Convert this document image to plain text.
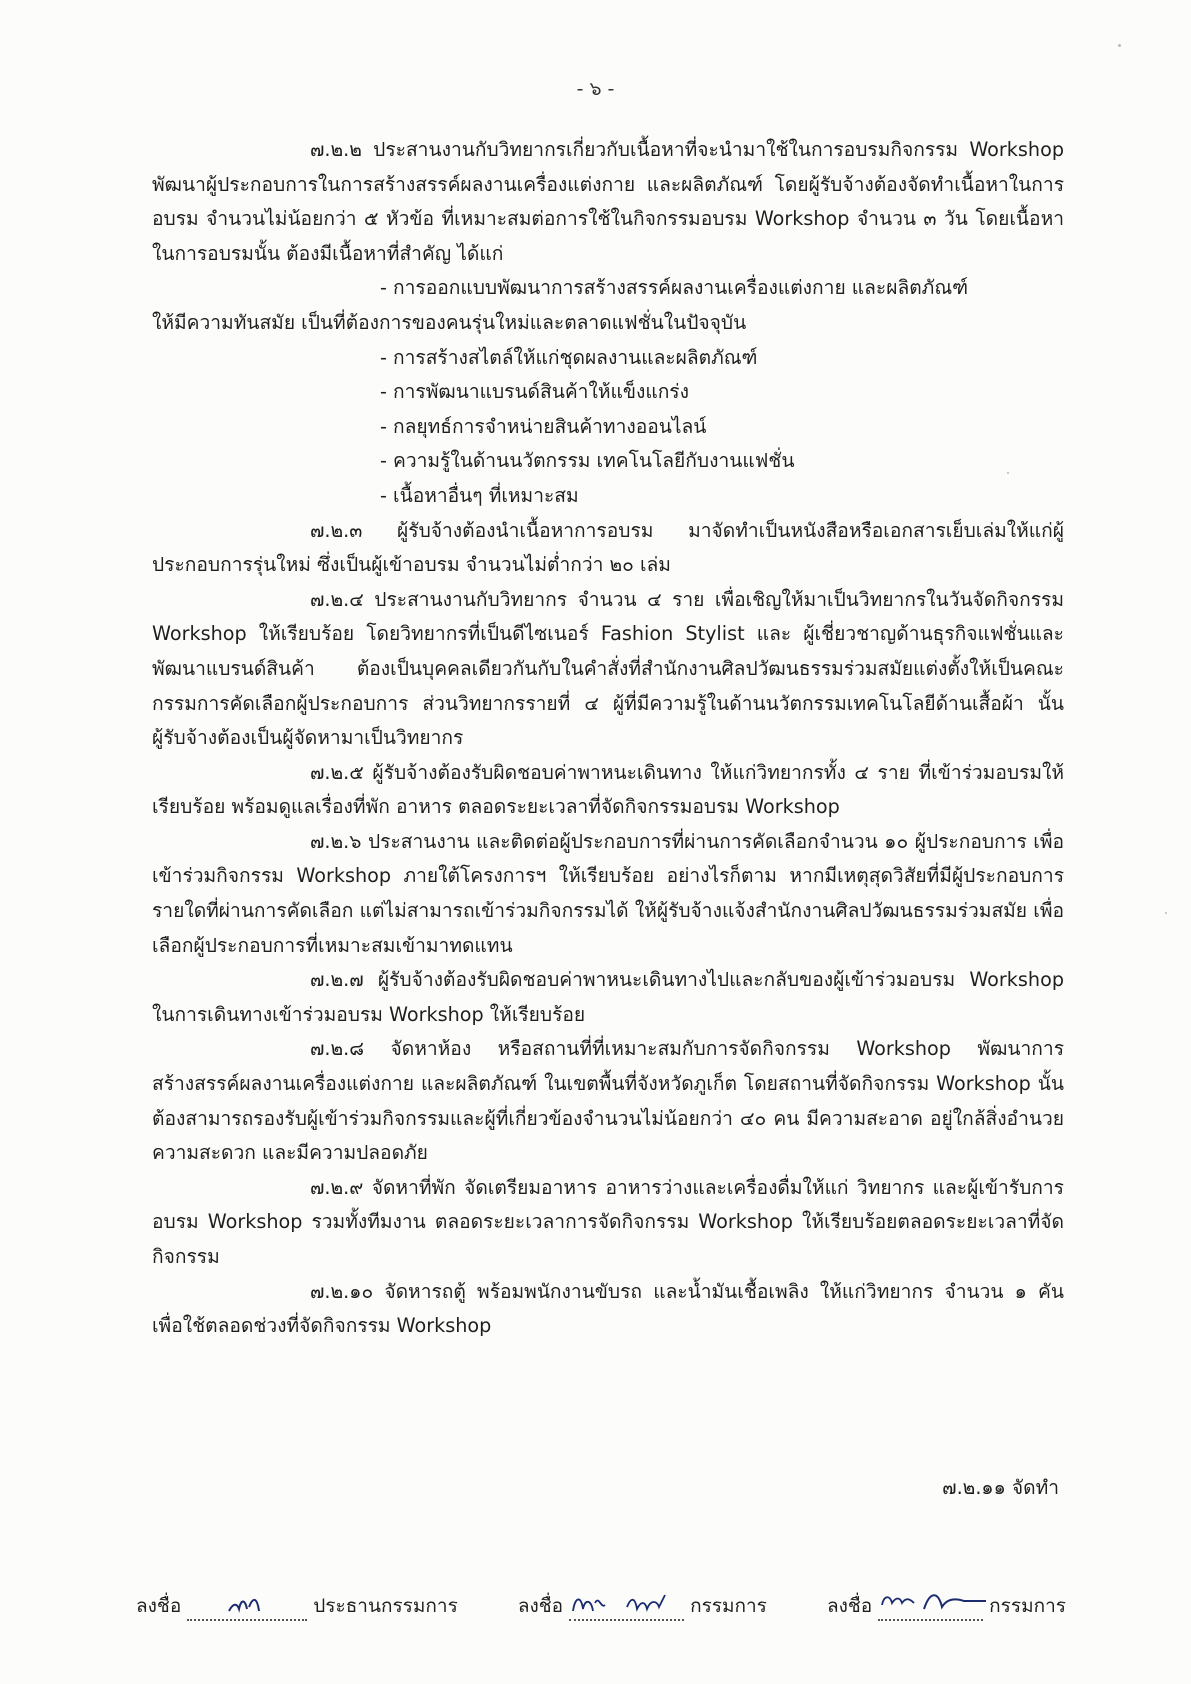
- ๖ -

๗.๒.๒ ประสานงานกับวิทยากรเกี่ยวกับเนื้อหาที่จะนำมาใช้ในการอบรมกิจกรรม Workshop พัฒนาผู้ประกอบการในการสร้างสรรค์ผลงานเครื่องแต่งกาย และผลิตภัณฑ์ โดยผู้รับจ้างต้องจัดทำเนื้อหาในการอบรม จำนวนไม่น้อยกว่า ๕ หัวข้อ ที่เหมาะสมต่อการใช้ในกิจกรรมอบรม Workshop จำนวน ๓ วัน โดยเนื้อหาในการอบรมนั้น ต้องมีเนื้อหาที่สำคัญ ได้แก่

- การออกแบบพัฒนาการสร้างสรรค์ผลงานเครื่องแต่งกาย และผลิตภัณฑ์
ให้มีความทันสมัย เป็นที่ต้องการของคนรุ่นใหม่และตลาดแฟชั่นในปัจจุบัน

- การสร้างสไตล์ให้แก่ชุดผลงานและผลิตภัณฑ์

- การพัฒนาแบรนด์สินค้าให้แข็งแกร่ง

- กลยุทธ์การจำหน่ายสินค้าทางออนไลน์

- ความรู้ในด้านนวัตกรรม เทคโนโลยีกับงานแฟชั่น

- เนื้อหาอื่นๆ ที่เหมาะสม

๗.๒.๓ ผู้รับจ้างต้องนำเนื้อหาการอบรม มาจัดทำเป็นหนังสือหรือเอกสารเย็บเล่มให้แก่ผู้ประกอบการรุ่นใหม่ ซึ่งเป็นผู้เข้าอบรม จำนวนไม่ต่ำกว่า ๒๐ เล่ม

๗.๒.๔ ประสานงานกับวิทยากร จำนวน ๔ ราย เพื่อเชิญให้มาเป็นวิทยากรในวันจัดกิจกรรม Workshop ให้เรียบร้อย โดยวิทยากรที่เป็นดีไซเนอร์ Fashion Stylist และ ผู้เชี่ยวชาญด้านธุรกิจแฟชั่นและพัฒนาแบรนด์สินค้า ต้องเป็นบุคคลเดียวกันกับในคำสั่งที่สำนักงานศิลปวัฒนธรรมร่วมสมัยแต่งตั้งให้เป็นคณะกรรมการคัดเลือกผู้ประกอบการ ส่วนวิทยากรรายที่ ๔ ผู้ที่มีความรู้ในด้านนวัตกรรมเทคโนโลยีด้านเสื้อผ้า นั้น ผู้รับจ้างต้องเป็นผู้จัดหามาเป็นวิทยากร

๗.๒.๕ ผู้รับจ้างต้องรับผิดชอบค่าพาหนะเดินทาง ให้แก่วิทยากรทั้ง ๔ ราย ที่เข้าร่วมอบรมให้เรียบร้อย พร้อมดูแลเรื่องที่พัก อาหาร ตลอดระยะเวลาที่จัดกิจกรรมอบรม Workshop

๗.๒.๖ ประสานงาน และติดต่อผู้ประกอบการที่ผ่านการคัดเลือกจำนวน ๑๐ ผู้ประกอบการ เพื่อเข้าร่วมกิจกรรม Workshop ภายใต้โครงการฯ ให้เรียบร้อย อย่างไรก็ตาม หากมีเหตุสุดวิสัยที่มีผู้ประกอบการรายใดที่ผ่านการคัดเลือก แต่ไม่สามารถเข้าร่วมกิจกรรมได้ ให้ผู้รับจ้างแจ้งสำนักงานศิลปวัฒนธรรมร่วมสมัย เพื่อเลือกผู้ประกอบการที่เหมาะสมเข้ามาทดแทน

๗.๒.๗ ผู้รับจ้างต้องรับผิดชอบค่าพาหนะเดินทางไปและกลับของผู้เข้าร่วมอบรม Workshop ในการเดินทางเข้าร่วมอบรม Workshop ให้เรียบร้อย

๗.๒.๘ จัดหาห้อง หรือสถานที่ที่เหมาะสมกับการจัดกิจกรรม Workshop พัฒนาการสร้างสรรค์ผลงานเครื่องแต่งกาย และผลิตภัณฑ์ ในเขตพื้นที่จังหวัดภูเก็ต โดยสถานที่จัดกิจกรรม Workshop นั้น ต้องสามารถรองรับผู้เข้าร่วมกิจกรรมและผู้ที่เกี่ยวข้องจำนวนไม่น้อยกว่า ๔๐ คน มีความสะอาด อยู่ใกล้สิ่งอำนวยความสะดวก และมีความปลอดภัย

๗.๒.๙ จัดหาที่พัก จัดเตรียมอาหาร อาหารว่างและเครื่องดื่มให้แก่ วิทยากร และผู้เข้ารับการอบรม Workshop รวมทั้งทีมงาน ตลอดระยะเวลาการจัดกิจกรรม Workshop ให้เรียบร้อยตลอดระยะเวลาที่จัดกิจกรรม

๗.๒.๑๐ จัดหารถตู้ พร้อมพนักงานขับรถ และน้ำมันเชื้อเพลิง ให้แก่วิทยากร จำนวน ๑ คัน เพื่อใช้ตลอดช่วงที่จัดกิจกรรม Workshop

๗.๒.๑๑ จัดทำ
ลงชื่อ	ประธานกรรมการ	ลงชื่อ	กรรมการ	ลงชื่อ	กรรมการ
